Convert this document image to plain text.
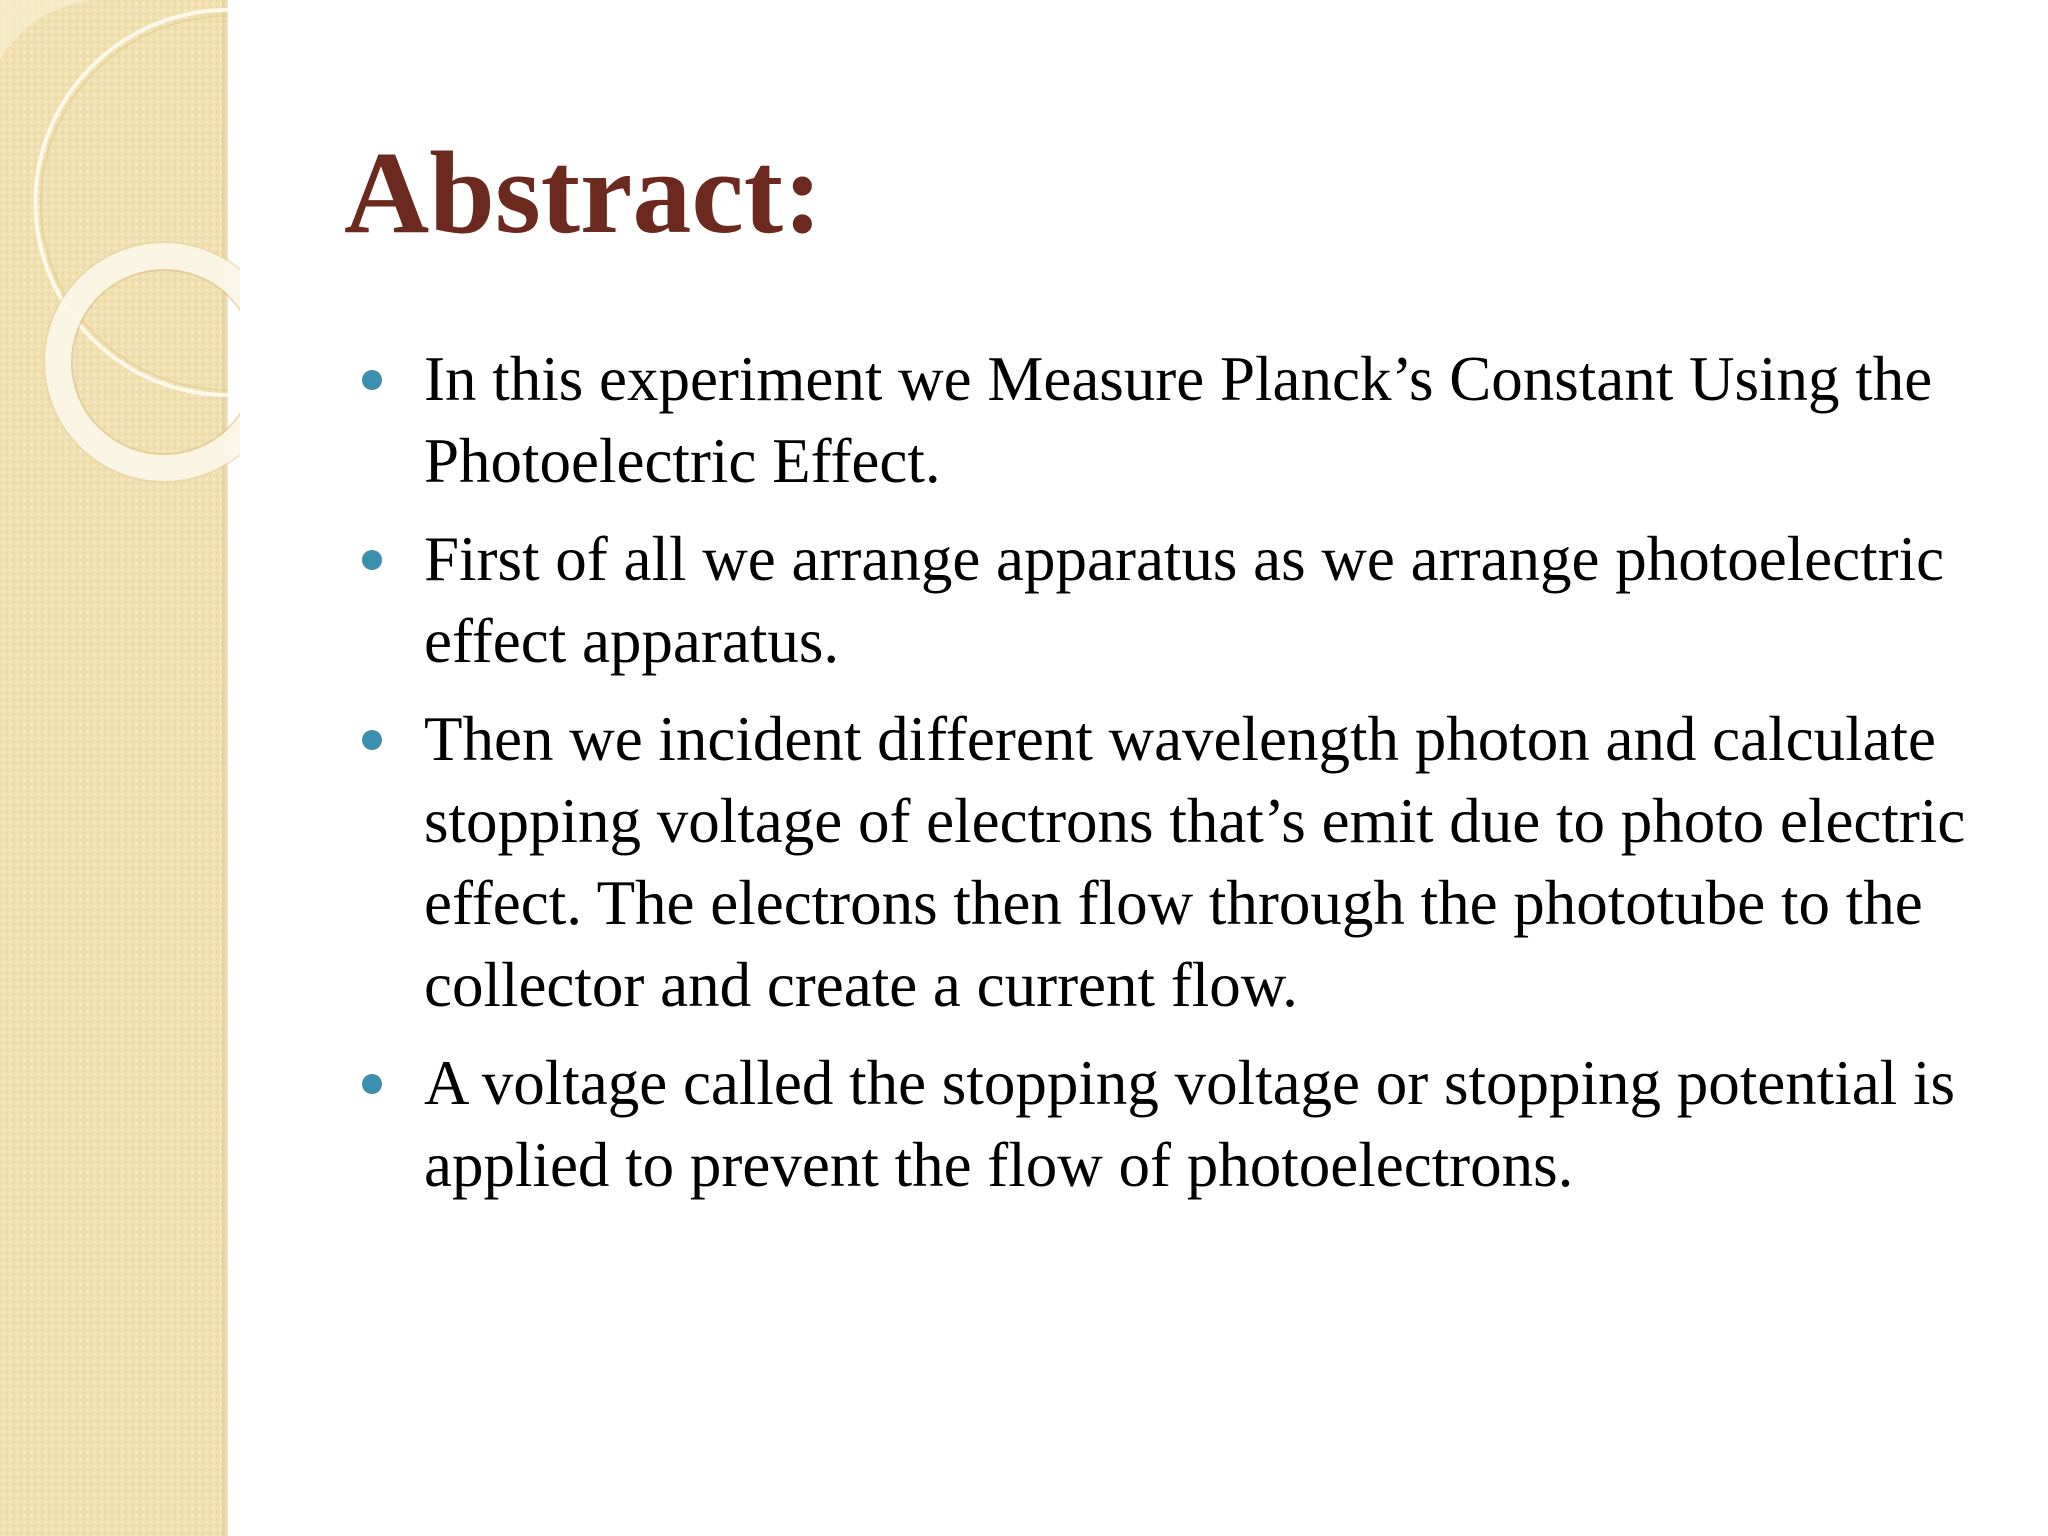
Abstract:
In this experiment we Measure Planck’s Constant Using the Photoelectric Effect.
First of all we arrange apparatus as we arrange photoelectric effect apparatus.
Then we incident different wavelength photon and calculate stopping voltage of electrons that’s emit due to photo electric effect. The electrons then flow through the phototube to the collector and create a current flow.
A voltage called the stopping voltage or stopping potential is applied to prevent the flow of photoelectrons.
